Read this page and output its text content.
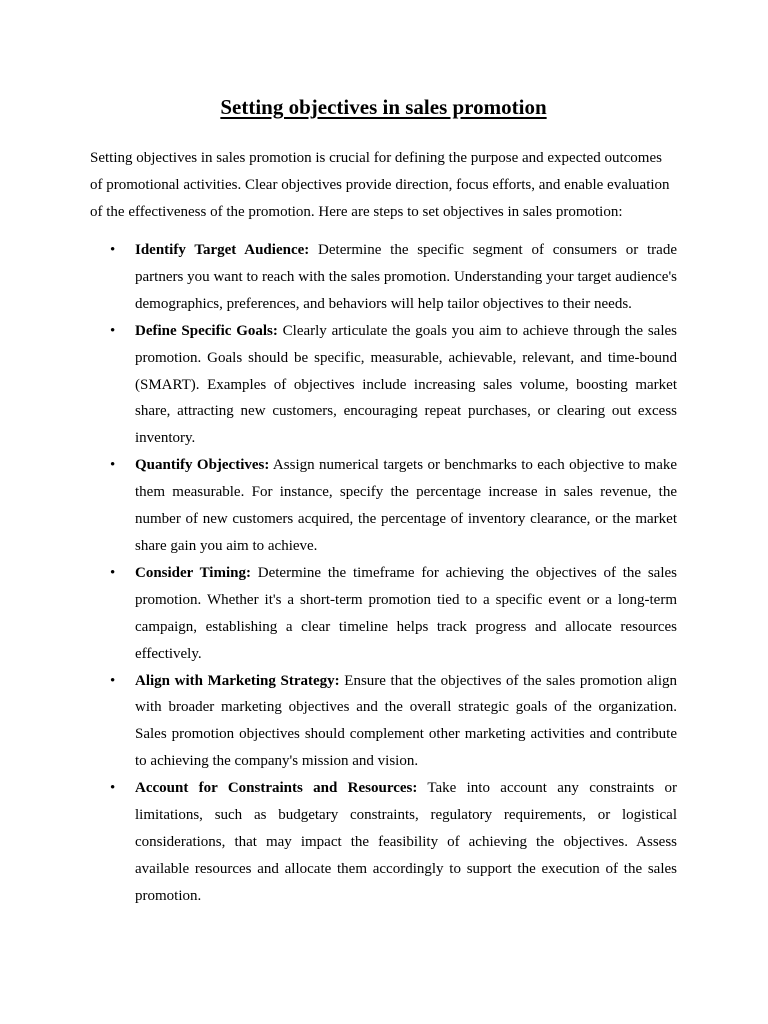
Setting objectives in sales promotion

Setting objectives in sales promotion is crucial for defining the purpose and expected outcomes of promotional activities. Clear objectives provide direction, focus efforts, and enable evaluation of the effectiveness of the promotion. Here are steps to set objectives in sales promotion:

• Identify Target Audience: Determine the specific segment of consumers or trade partners you want to reach with the sales promotion. Understanding your target audience's demographics, preferences, and behaviors will help tailor objectives to their needs.
• Define Specific Goals: Clearly articulate the goals you aim to achieve through the sales promotion. Goals should be specific, measurable, achievable, relevant, and time-bound (SMART). Examples of objectives include increasing sales volume, boosting market share, attracting new customers, encouraging repeat purchases, or clearing out excess inventory.
• Quantify Objectives: Assign numerical targets or benchmarks to each objective to make them measurable. For instance, specify the percentage increase in sales revenue, the number of new customers acquired, the percentage of inventory clearance, or the market share gain you aim to achieve.
• Consider Timing: Determine the timeframe for achieving the objectives of the sales promotion. Whether it's a short-term promotion tied to a specific event or a long-term campaign, establishing a clear timeline helps track progress and allocate resources effectively.
• Align with Marketing Strategy: Ensure that the objectives of the sales promotion align with broader marketing objectives and the overall strategic goals of the organization. Sales promotion objectives should complement other marketing activities and contribute to achieving the company's mission and vision.
• Account for Constraints and Resources: Take into account any constraints or limitations, such as budgetary constraints, regulatory requirements, or logistical considerations, that may impact the feasibility of achieving the objectives. Assess available resources and allocate them accordingly to support the execution of the sales promotion.
